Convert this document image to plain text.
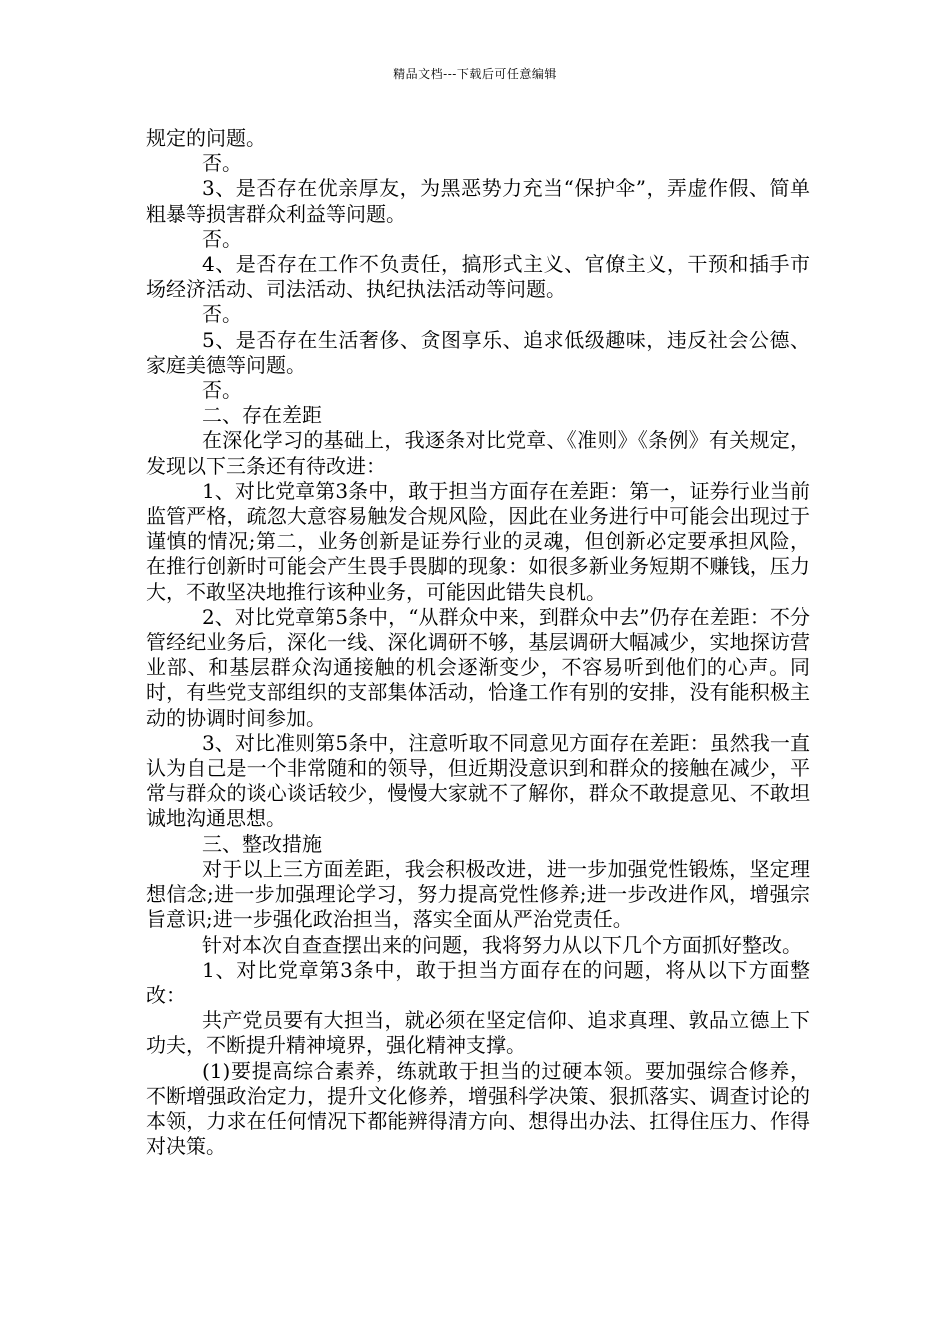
精品文档---下载后可任意编辑

规定的问题。

否。

3、是否存在优亲厚友，为黑恶势力充当“保护伞”，弄虚作假、简单粗暴等损害群众利益等问题。

否。

4、是否存在工作不负责任，搞形式主义、官僚主义，干预和插手市场经济活动、司法活动、执纪执法活动等问题。

否。

5、是否存在生活奢侈、贪图享乐、追求低级趣味，违反社会公德、家庭美德等问题。

否。

二、存在差距

在深化学习的基础上，我逐条对比党章、《准则》《条例》有关规定，发现以下三条还有待改进：

1、对比党章第3条中，敢于担当方面存在差距：第一，证券行业当前监管严格，疏忽大意容易触发合规风险，因此在业务进行中可能会出现过于谨慎的情况;第二，业务创新是证券行业的灵魂，但创新必定要承担风险，在推行创新时可能会产生畏手畏脚的现象：如很多新业务短期不赚钱，压力大，不敢坚决地推行该种业务，可能因此错失良机。

2、对比党章第5条中，“从群众中来，到群众中去”仍存在差距：不分管经纪业务后，深化一线、深化调研不够，基层调研大幅减少，实地探访营业部、和基层群众沟通接触的机会逐渐变少，不容易听到他们的心声。同时，有些党支部组织的支部集体活动，恰逢工作有别的安排，没有能积极主动的协调时间参加。

3、对比准则第5条中，注意听取不同意见方面存在差距：虽然我一直认为自己是一个非常随和的领导，但近期没意识到和群众的接触在减少，平常与群众的谈心谈话较少，慢慢大家就不了解你，群众不敢提意见、不敢坦诚地沟通思想。

三、整改措施

对于以上三方面差距，我会积极改进，进一步加强党性锻炼，坚定理想信念;进一步加强理论学习，努力提高党性修养;进一步改进作风，增强宗旨意识;进一步强化政治担当，落实全面从严治党责任。

针对本次自查查摆出来的问题，我将努力从以下几个方面抓好整改。

1、对比党章第3条中，敢于担当方面存在的问题，将从以下方面整改：

共产党员要有大担当，就必须在坚定信仰、追求真理、敦品立德上下功夫，不断提升精神境界，强化精神支撑。

(1)要提高综合素养，练就敢于担当的过硬本领。要加强综合修养，不断增强政治定力，提升文化修养，增强科学决策、狠抓落实、调查讨论的本领，力求在任何情况下都能辨得清方向、想得出办法、扛得住压力、作得对决策。
